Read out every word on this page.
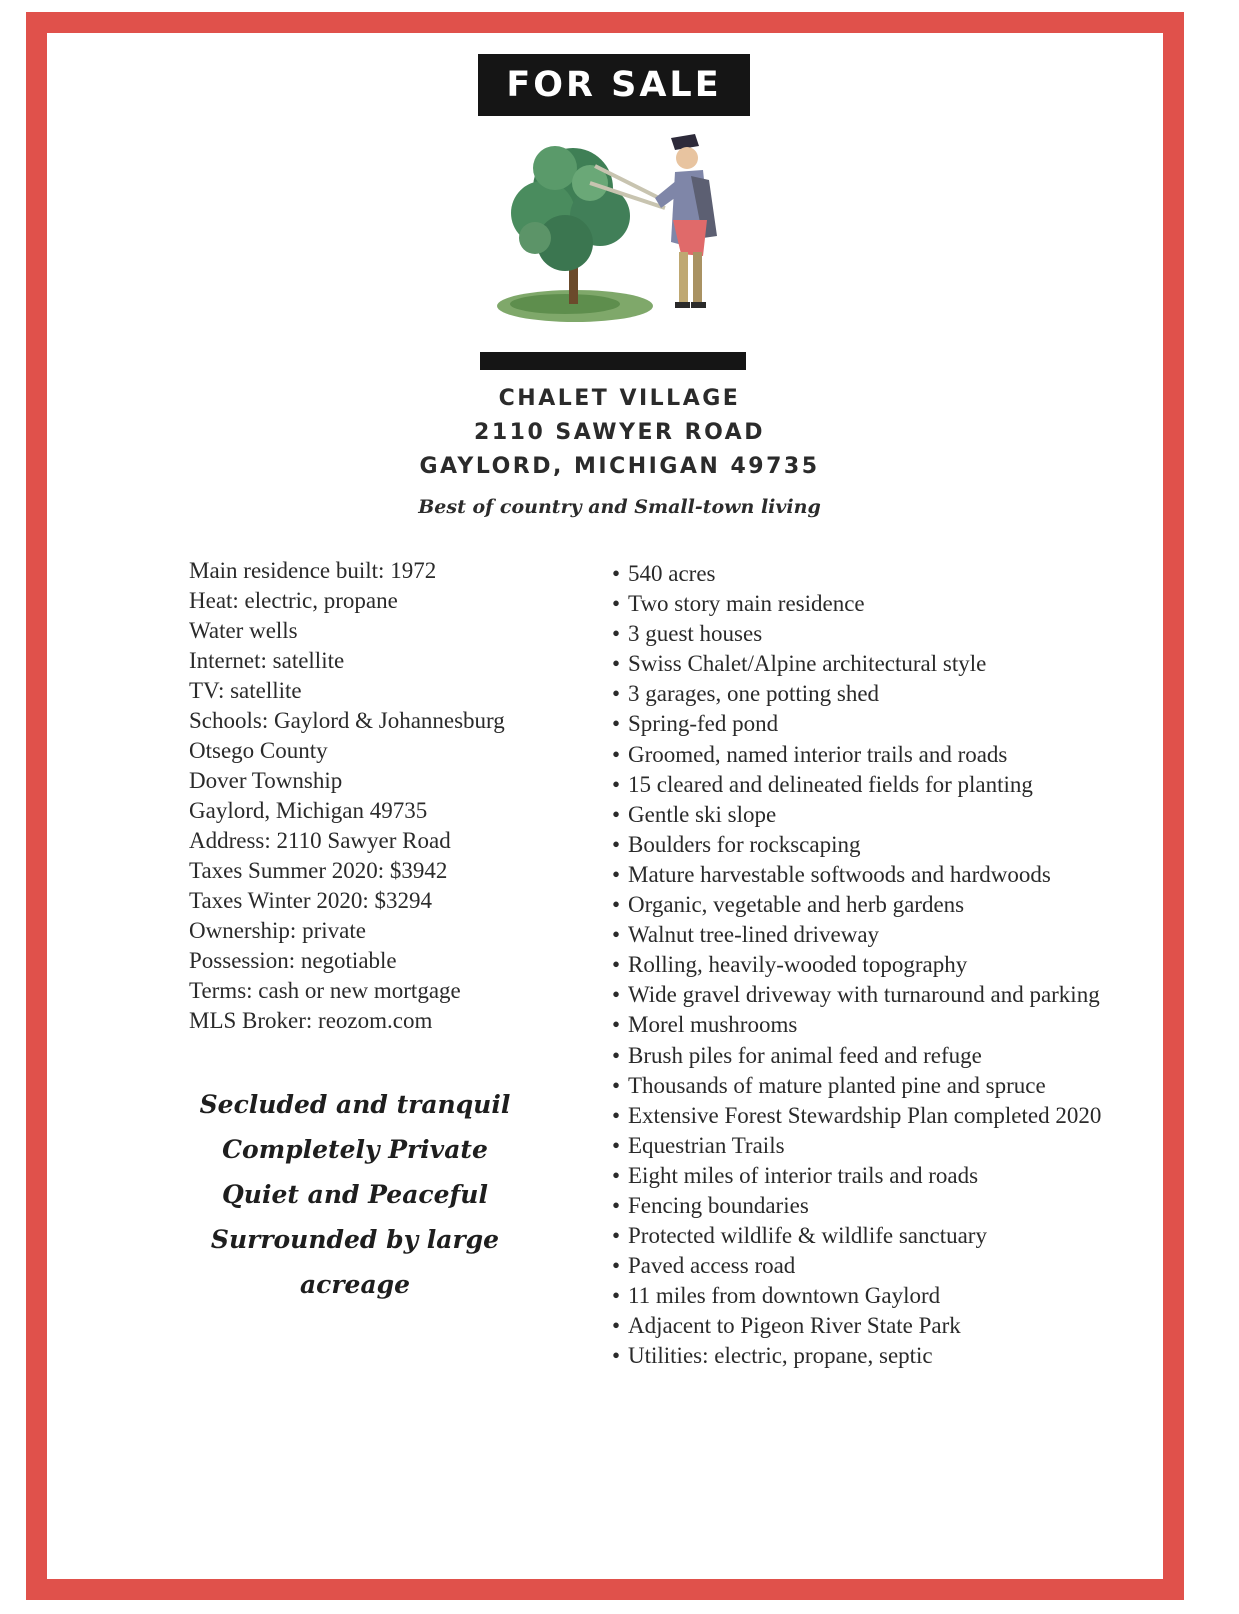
FOR SALE
CHALET VILLAGE
2110 SAWYER ROAD
GAYLORD, MICHIGAN 49735
Best of country and Small-town living
Main residence built: 1972
Heat: electric, propane
Water wells
Internet: satellite
TV: satellite
Schools: Gaylord & Johannesburg
Otsego County
Dover Township
Gaylord, Michigan 49735
Address: 2110 Sawyer Road
Taxes Summer 2020: $3942
Taxes Winter 2020: $3294
Ownership: private
Possession: negotiable
Terms: cash or new mortgage
MLS Broker: reozom.com
Secluded and tranquil
Completely Private
Quiet and Peaceful
Surrounded by large acreage
• 540 acres
• Two story main residence
• 3 guest houses
• Swiss Chalet/Alpine architectural style
• 3 garages, one potting shed
• Spring-fed pond
• Groomed, named interior trails and roads
• 15 cleared and delineated fields for planting
• Gentle ski slope
• Boulders for rockscaping
• Mature harvestable softwoods and hardwoods
• Organic, vegetable and herb gardens
• Walnut tree-lined driveway
• Rolling, heavily-wooded topography
• Wide gravel driveway with turnaround and parking
• Morel mushrooms
• Brush piles for animal feed and refuge
• Thousands of mature planted pine and spruce
• Extensive Forest Stewardship Plan completed 2020
• Equestrian Trails
• Eight miles of interior trails and roads
• Fencing boundaries
• Protected wildlife & wildlife sanctuary
• Paved access road
• 11 miles from downtown Gaylord
• Adjacent to Pigeon River State Park
• Utilities: electric, propane, septic
